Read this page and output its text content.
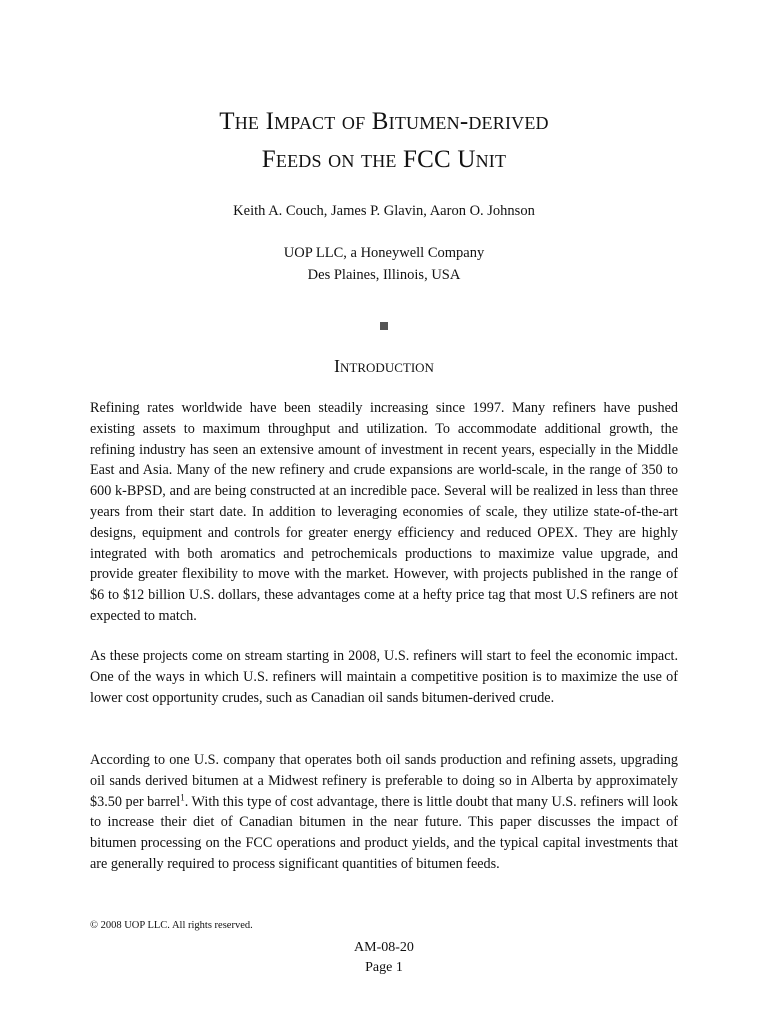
The Impact of Bitumen-derived
Feeds on the FCC Unit
Keith A. Couch, James P. Glavin, Aaron O. Johnson
UOP LLC, a Honeywell Company
Des Plaines, Illinois, USA
Introduction

Refining rates worldwide have been steadily increasing since 1997. Many refiners have pushed existing assets to maximum throughput and utilization. To accommodate additional growth, the refining industry has seen an extensive amount of investment in recent years, especially in the Middle East and Asia. Many of the new refinery and crude expansions are world-scale, in the range of 350 to 600 k-BPSD, and are being constructed at an incredible pace. Several will be realized in less than three years from their start date. In addition to leveraging economies of scale, they utilize state-of-the-art designs, equipment and controls for greater energy efficiency and reduced OPEX. They are highly integrated with both aromatics and petrochemicals productions to maximize value upgrade, and provide greater flexibility to move with the market. However, with projects published in the range of $6 to $12 billion U.S. dollars, these advantages come at a hefty price tag that most U.S refiners are not expected to match.

As these projects come on stream starting in 2008, U.S. refiners will start to feel the economic impact. One of the ways in which U.S. refiners will maintain a competitive position is to maximize the use of lower cost opportunity crudes, such as Canadian oil sands bitumen-derived crude.

According to one U.S. company that operates both oil sands production and refining assets, upgrading oil sands derived bitumen at a Midwest refinery is preferable to doing so in Alberta by approximately $3.50 per barrel$^1$. With this type of cost advantage, there is little doubt that many U.S. refiners will look to increase their diet of Canadian bitumen in the near future. This paper discusses the impact of bitumen processing on the FCC operations and product yields, and the typical capital investments that are generally required to process significant quantities of bitumen feeds.

© 2008 UOP LLC. All rights reserved.
AM-08-20
Page 1
